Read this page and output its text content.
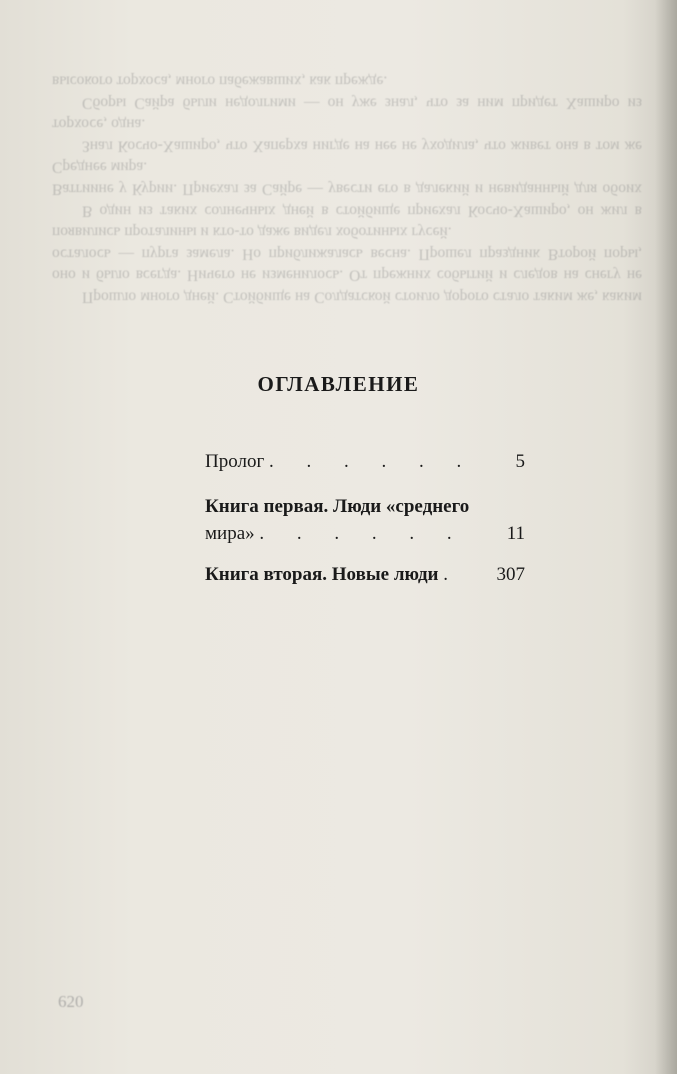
Прошло много дней. Стойбище на Солдатской стоило дорого стало таким же, каким оно и было всегда. Ничего не изменилось. От прежних событий и следов на снегу не осталось — пурга замела. Но приближалась весна. Прошел праздник Второй поры, появились проталины и кто-то даже видел хоботиных гусей.

В один из таких солнечных дней в стойбище приехал Косчо-Хаширо, он жил в Ватгиине у Курии. Приехал за Сайре — увести его в далекий и невиданный для обоих Среднее мира.

Знал Косчо-Хаширо, что Хаперха нигде на нее не уходила, что живет она в том же торхосе, одна.

Сборы Сайра были недолгими — он уже знал, что за ним придет Хаширо из высокого торхоса, много пабежавших, как прежде.

620
ОГЛАВЛЕНИЕ
Пролог . . . . . . 5
Книга первая. Люди «среднего
мира» . . . . . . 11
Книга вторая. Новые люди . 307
